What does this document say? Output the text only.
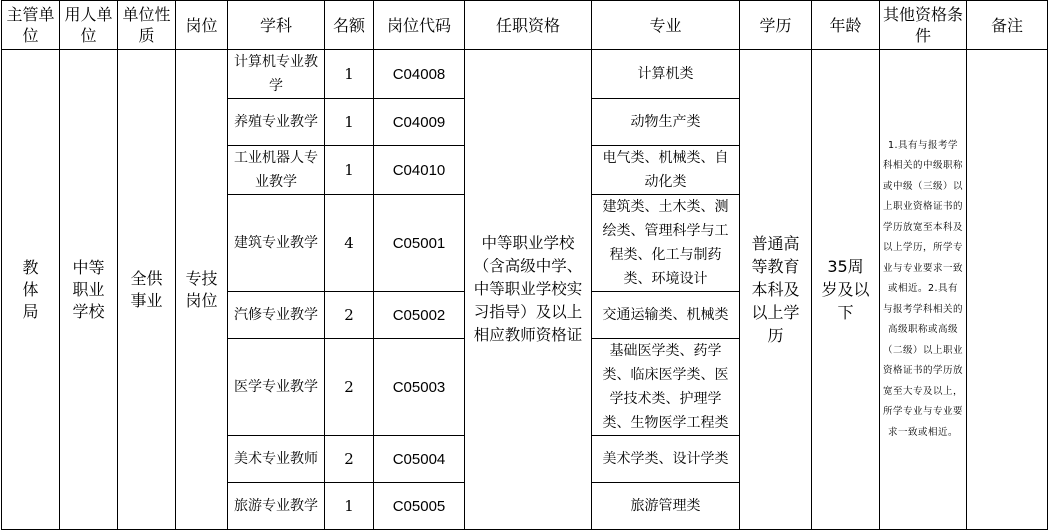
主管单位	用人单位	单位性质	岗位	学科	名额	岗位代码	任职资格	专业	学历	年龄	其他资格条件	备注
教体局	中等职业学校	全供事业	专技岗位	计算机专业教学	1	C04008	中等职业学校（含高级中学、中等职业学校实习指导）及以上相应教师资格证	计算机类	普通高等教育本科及以上学历	35周岁及以下	1.具有与报考学科相关的中级职称或中级（三级）以上职业资格证书的学历放宽至本科及以上学历，所学专业与专业要求一致或相近。2.具有与报考学科相关的高级职称或高级（二级）以上职业资格证书的学历放宽至大专及以上，所学专业与专业要求一致或相近。	
				养殖专业教学	1	C04009		动物生产类				
				工业机器人专业教学	1	C04010		电气类、机械类、自动化类				
				建筑专业教学	4	C05001		建筑类、土木类、测绘类、管理科学与工程类、化工与制药类、环境设计				
				汽修专业教学	2	C05002		交通运输类、机械类				
				医学专业教学	2	C05003		基础医学类、药学类、临床医学类、医学技术类、护理学类、生物医学工程类				
				美术专业教师	2	C05004		美术学类、设计学类				
				旅游专业教学	1	C05005		旅游管理类				
